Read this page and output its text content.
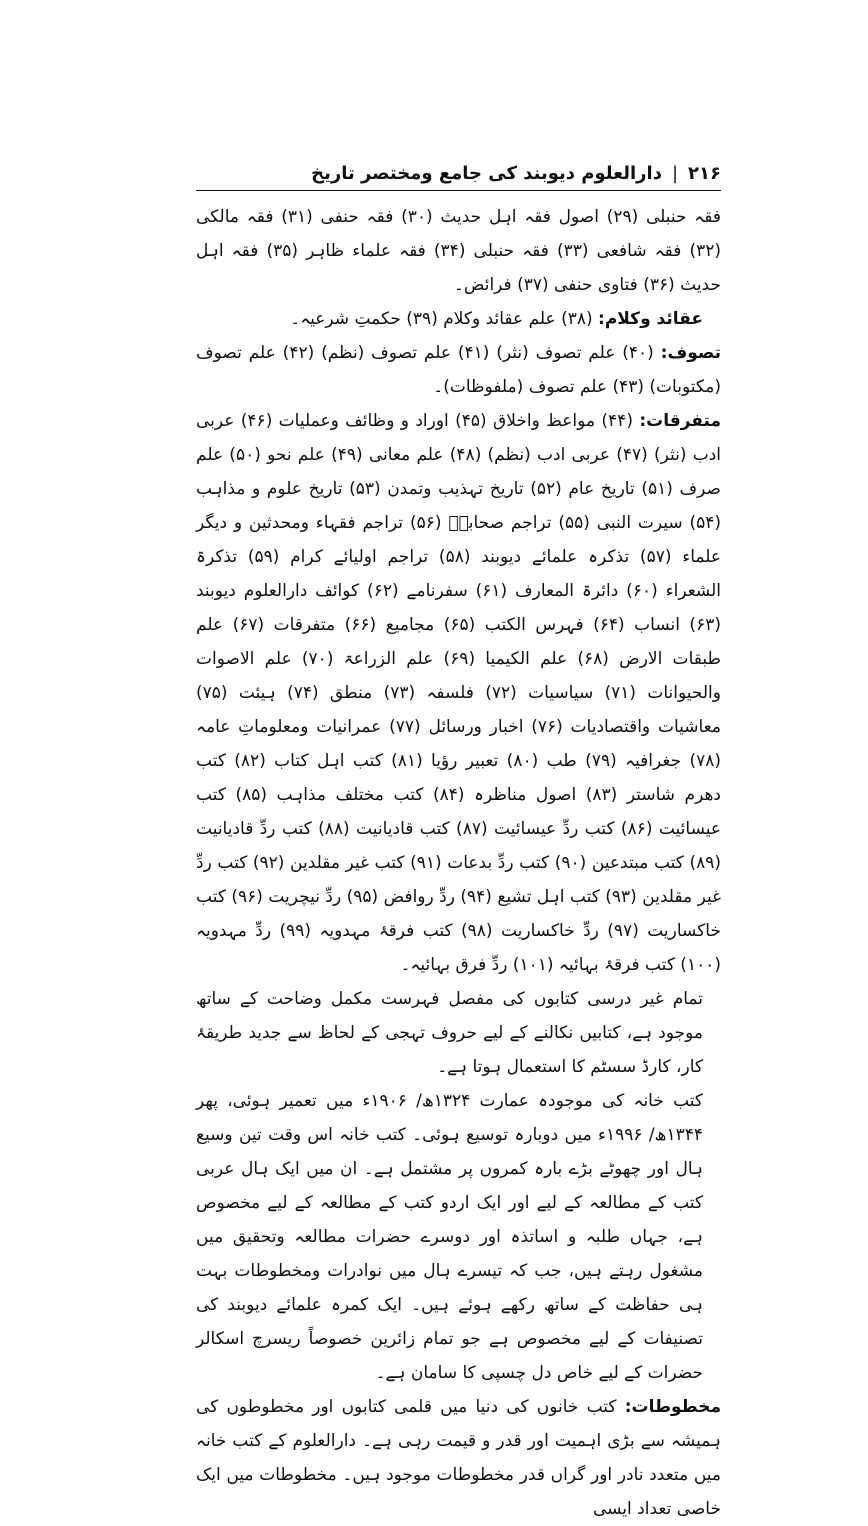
۲۱۶
|
دارالعلوم دیوبند کی جامع ومختصر تاریخ

فقہ حنبلی (۲۹) اصول فقہ اہل حدیث (۳۰) فقہ حنفی (۳۱) فقہ مالکی (۳۲) فقہ شافعی (۳۳) فقہ حنبلی (۳۴) فقہ علماء ظاہر (۳۵) فقہ اہل حدیث (۳۶) فتاوی حنفی (۳۷) فرائض۔

عقائد وکلام: (۳۸) علم عقائد وکلام (۳۹) حکمتِ شرعیہ۔

تصوف: (۴۰) علم تصوف (نثر) (۴۱) علم تصوف (نظم) (۴۲) علم تصوف (مکتوبات) (۴۳) علم تصوف (ملفوظات)۔

متفرقات: (۴۴) مواعظ واخلاق (۴۵) اوراد و وظائف وعملیات (۴۶) عربی ادب (نثر) (۴۷) عربی ادب (نظم) (۴۸) علم معانی (۴۹) علم نحو (۵۰) علم صرف (۵۱) تاریخ عام (۵۲) تاریخ تہذیب وتمدن (۵۳) تاریخ علوم و مذاہب (۵۴) سیرت النبی (۵۵) تراجم صحابہؓ (۵۶) تراجم فقہاء ومحدثین و دیگر علماء (۵۷) تذکرہ علمائے دیوبند (۵۸) تراجم اولیائے کرام (۵۹) تذکرۃ الشعراء (۶۰) دائرۃ المعارف (۶۱) سفرنامے (۶۲) کوائف دارالعلوم دیوبند (۶۳) انساب (۶۴) فہرس الکتب (۶۵) مجامیع (۶۶) متفرقات (۶۷) علم طبقات الارض (۶۸) علم الکیمیا (۶۹) علم الزراعۃ (۷۰) علم الاصوات والحیوانات (۷۱) سیاسیات (۷۲) فلسفہ (۷۳) منطق (۷۴) ہیئت (۷۵) معاشیات واقتصادیات (۷۶) اخبار ورسائل (۷۷) عمرانیات ومعلوماتِ عامہ (۷۸) جغرافیہ (۷۹) طب (۸۰) تعبیر رؤیا (۸۱) کتب اہل کتاب (۸۲) کتب دھرم شاستر (۸۳) اصول مناظرہ (۸۴) کتب مختلف مذاہب (۸۵) کتب عیسائیت (۸۶) کتب ردِّ عیسائیت (۸۷) کتب قادیانیت (۸۸) کتب ردِّ قادیانیت (۸۹) کتب مبتدعین (۹۰) کتب ردِّ بدعات (۹۱) کتب غیر مقلدین (۹۲) کتب ردِّ غیر مقلدین (۹۳) کتب اہل تشیع (۹۴) ردِّ روافض (۹۵) ردِّ نیچریت (۹۶) کتب خاکساریت (۹۷) ردِّ خاکساریت (۹۸) کتب فرقۂ مہدویہ (۹۹) ردِّ مہدویہ (۱۰۰) کتب فرقۂ بہائیہ (۱۰۱) ردِّ فرق بہائیہ۔

تمام غیر درسی کتابوں کی مفصل فہرست مکمل وضاحت کے ساتھ موجود ہے، کتابیں نکالنے کے لیے حروف تہجی کے لحاظ سے جدید طریقۂ کار، کارڈ سسٹم کا استعمال ہوتا ہے۔

کتب خانہ کی موجودہ عمارت ۱۳۲۴ھ/ ۱۹۰۶ء میں تعمیر ہوئی، پھر ۱۳۴۴ھ/ ۱۹۹۶ء میں دوبارہ توسیع ہوئی۔ کتب خانہ اس وقت تین وسیع ہال اور چھوٹے بڑے بارہ کمروں پر مشتمل ہے۔ ان میں ایک ہال عربی کتب کے مطالعہ کے لیے اور ایک اردو کتب کے مطالعہ کے لیے مخصوص ہے، جہاں طلبہ و اساتذہ اور دوسرے حضرات مطالعہ وتحقیق میں مشغول رہتے ہیں، جب کہ تیسرے ہال میں نوادرات ومخطوطات بہت ہی حفاظت کے ساتھ رکھے ہوئے ہیں۔ ایک کمرہ علمائے دیوبند کی تصنیفات کے لیے مخصوص ہے جو تمام زائرین خصوصاً ریسرچ اسکالر حضرات کے لیے خاص دل چسپی کا سامان ہے۔

مخطوطات: کتب خانوں کی دنیا میں قلمی کتابوں اور مخطوطوں کی ہمیشہ سے بڑی اہمیت اور قدر و قیمت رہی ہے۔ دارالعلوم کے کتب خانہ میں متعدد نادر اور گراں قدر مخطوطات موجود ہیں۔ مخطوطات میں ایک خاصی تعداد ایسی
